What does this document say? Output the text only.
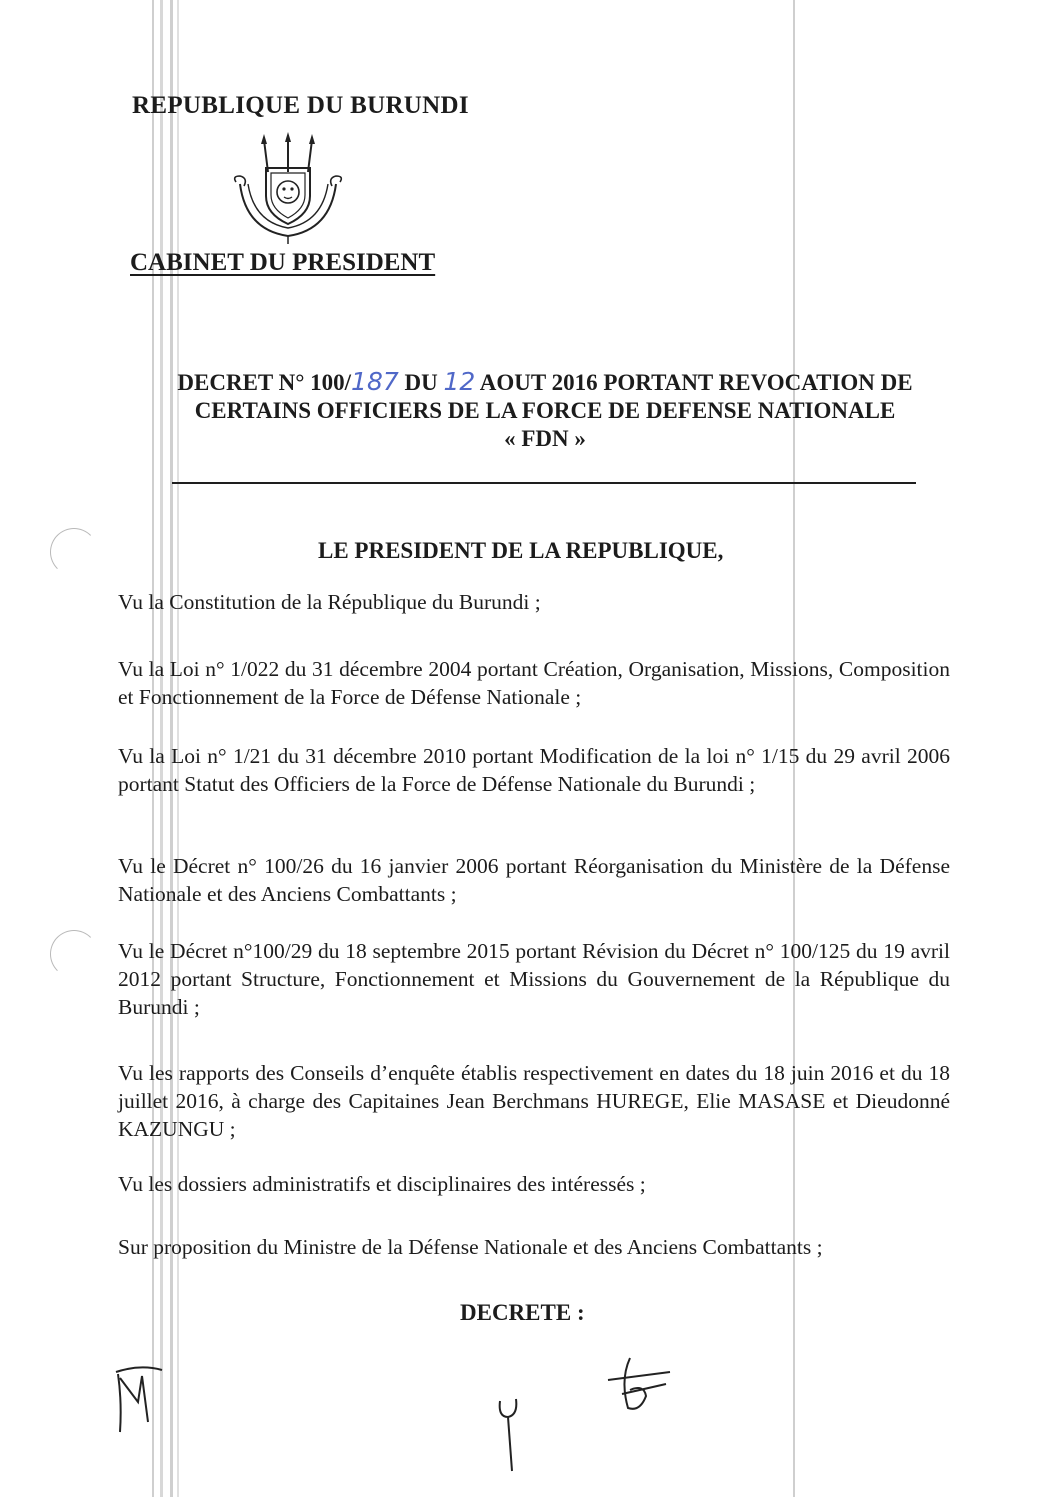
REPUBLIQUE DU BURUNDI
CABINET DU PRESIDENT
DECRET N° 100/187 DU 12 AOUT 2016 PORTANT REVOCATION DE
CERTAINS OFFICIERS DE LA FORCE DE DEFENSE NATIONALE
« FDN »
LE PRESIDENT DE LA REPUBLIQUE,
Vu la Constitution de la République du Burundi ;
Vu la Loi n° 1/022 du 31 décembre 2004 portant Création, Organisation, Missions, Composition et Fonctionnement de la Force de Défense Nationale ;
Vu la Loi n° 1/21 du 31 décembre 2010 portant Modification de la loi n° 1/15 du 29 avril 2006 portant Statut des Officiers de la Force de Défense Nationale du Burundi ;
Vu le Décret n° 100/26 du 16 janvier 2006 portant Réorganisation du Ministère de la Défense Nationale et des Anciens Combattants ;
Vu le Décret n°100/29 du 18 septembre 2015 portant Révision du Décret n° 100/125 du 19 avril 2012 portant Structure, Fonctionnement et Missions du Gouvernement de la République du Burundi ;
Vu les rapports des Conseils d’enquête établis respectivement en dates du 18 juin 2016 et du 18 juillet 2016, à charge des Capitaines Jean Berchmans HUREGE, Elie MASASE et Dieudonné KAZUNGU ;
Vu les dossiers administratifs et disciplinaires des intéressés ;
Sur proposition du Ministre de la Défense Nationale et des Anciens Combattants ;
DECRETE :
